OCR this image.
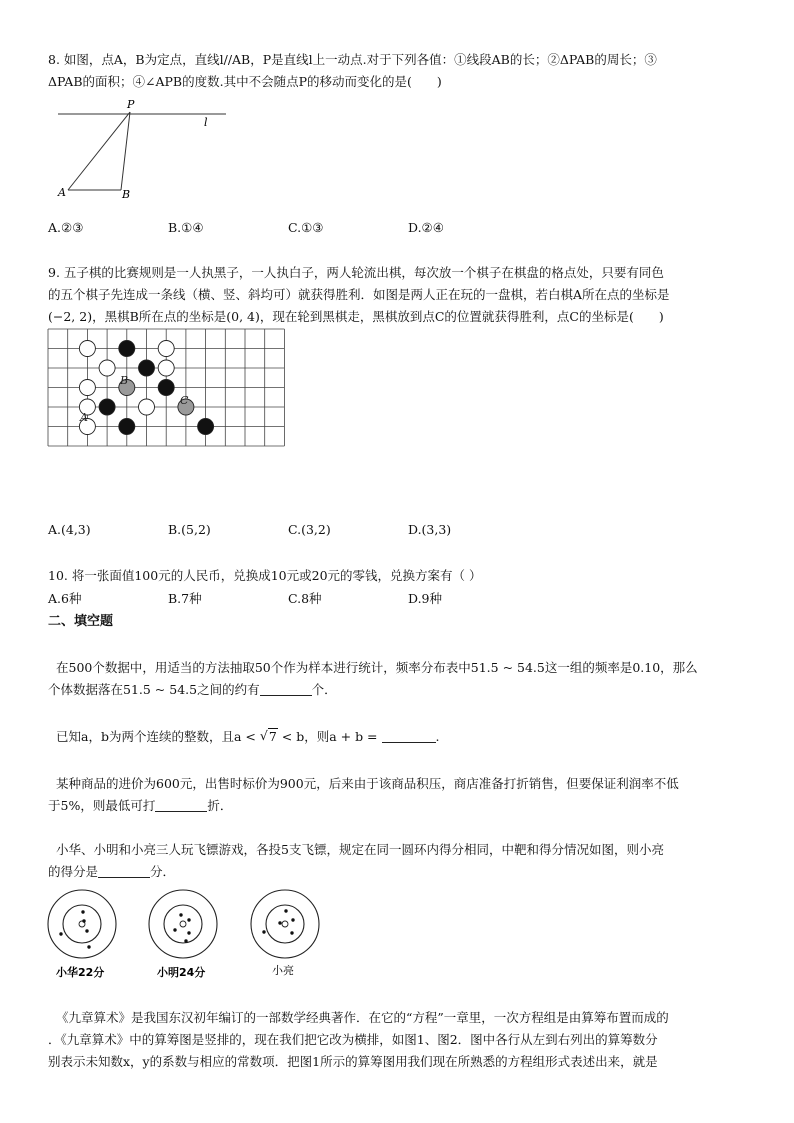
8. 如图，点A，B为定点，直线l//AB，P是直线l上一动点.对于下列各值：①线段AB的长；②ΔPAB的周长；③
ΔPAB的面积；④∠APB的度数.其中不会随点P的移动而变化的是(　　)
P
l
A	B
A.②③	B.①④	C.①③	D.②④
9. 五子棋的比赛规则是一人执黑子，一人执白子，两人轮流出棋，每次放一个棋子在棋盘的格点处，只要有同色
的五个棋子先连成一条线（横、竖、斜均可）就获得胜利．如图是两人正在玩的一盘棋，若白棋A所在点的坐标是
(−2, 2)，黑棋B所在点的坐标是(0, 4)，现在轮到黑棋走，黑棋放到点C的位置就获得胜利，点C的坐标是(　　)
B
C
A
A.(4,3)	B.(5,2)	C.(3,2)	D.(3,3)
10. 将一张面值100元的人民币，兑换成10元或20元的零钱，兑换方案有（ ）
A.6种	B.7种	C.8种	D.9种
二、填空题
在500个数据中，用适当的方法抽取50个作为样本进行统计，频率分布表中51.5 ~ 54.5这一组的频率是0.10，那么
个体数据落在51.5 ~ 54.5之间的约有	个．
已知a，b为两个连续的整数，且a < √ 7 < b，则a + b =	.
某种商品的进价为600元，出售时标价为900元，后来由于该商品积压，商店准备打折销售，但要保证利润率不低
于5%，则最低可打	折．
小华、小明和小亮三人玩飞镖游戏，各投5支飞镖，规定在同一圆环内得分相同，中靶和得分情况如图，则小亮
的得分是	分．
小华22分	小明24分	小亮
《九章算术》是我国东汉初年编订的一部数学经典著作．在它的“方程”一章里，一次方程组是由算筹布置而成的
．《九章算术》中的算筹图是竖排的，现在我们把它改为横排，如图1、图2．图中各行从左到右列出的算筹数分
别表示未知数x，y的系数与相应的常数项．把图1所示的算筹图用我们现在所熟悉的方程组形式表述出来，就是
